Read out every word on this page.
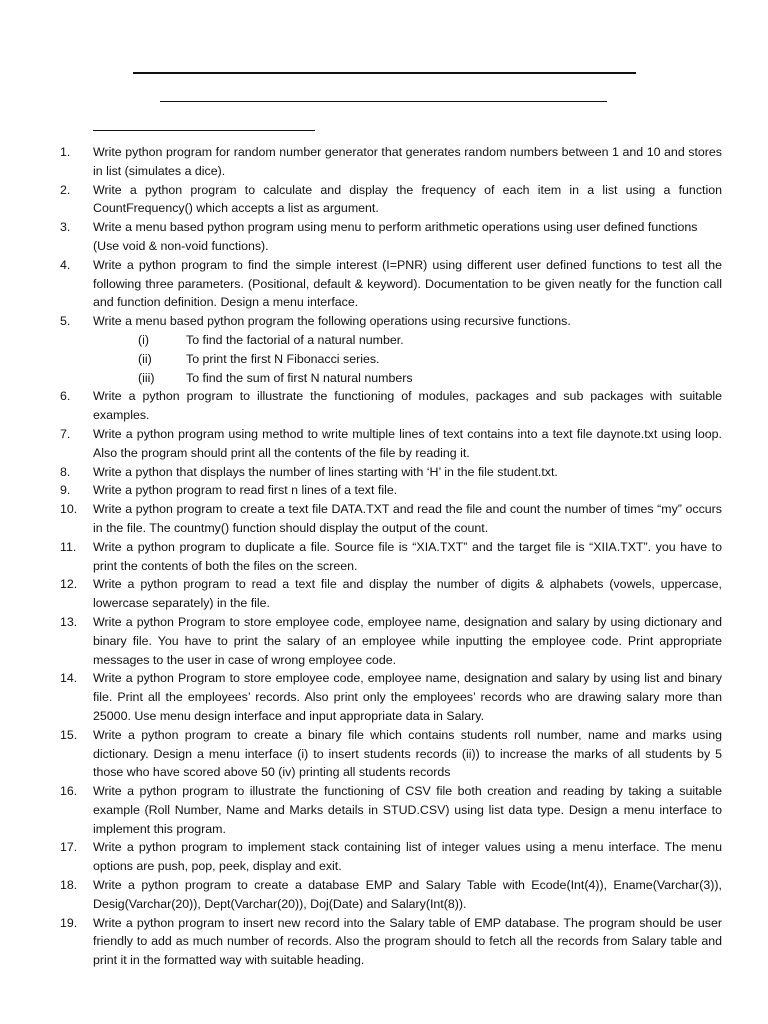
1.	Write python program for random number generator that generates random numbers between 1 and 10 and stores in list (simulates a dice).
2.	Write a python program to calculate and display the frequency of each item in a list using a function CountFrequency() which accepts a list as argument.
3.	Write a menu based python program using menu to perform arithmetic operations using user defined functions
(Use void & non-void functions).
4.	Write a python program to find the simple interest (I=PNR) using different user defined functions to test all the following three parameters. (Positional, default & keyword). Documentation to be given neatly for the function call and function definition. Design a menu interface.
5.	Write a menu based python program the following operations using recursive functions.
(i)	To find the factorial of a natural number.
(ii)	To print the first N Fibonacci series.
(iii)	To find the sum of first N natural numbers
6.	Write a python program to illustrate the functioning of modules, packages and sub packages with suitable examples.
7.	Write a python program using method to write multiple lines of text contains into a text file daynote.txt using loop. Also the program should print all the contents of the file by reading it.
8.	Write a python that displays the number of lines starting with ‘H’ in the file student.txt.
9.	Write a python program to read first n lines of a text file.
10.	Write a python program to create a text file DATA.TXT and read the file and count the number of times “my” occurs in the file. The countmy() function should display the output of the count.
11.	Write a python program to duplicate a file. Source file is “XIA.TXT” and the target file is “XIIA.TXT”. you have to print the contents of both the files on the screen.
12.	Write a python program to read a text file and display the number of digits & alphabets (vowels, uppercase, lowercase separately) in the file.
13.	Write a python Program to store employee code, employee name, designation and salary by using dictionary and binary file. You have to print the salary of an employee while inputting the employee code. Print appropriate messages to the user in case of wrong employee code.
14.	Write a python Program to store employee code, employee name, designation and salary by using list and binary file. Print all the employees’ records. Also print only the employees’ records who are drawing salary more than 25000. Use menu design interface and input appropriate data in Salary.
15.	Write a python program to create a binary file which contains students roll number, name and marks using dictionary. Design a menu interface (i) to insert students records (ii)) to increase the marks of all students by 5 those who have scored above 50 (iv) printing all students records
16.	Write a python program to illustrate the functioning of CSV file both creation and reading by taking a suitable example (Roll Number, Name and Marks details in STUD.CSV) using list data type. Design a menu interface to implement this program.
17.	Write a python program to implement stack containing list of integer values using a menu interface. The menu options are push, pop, peek, display and exit.
18.	Write a python program to create a database EMP and Salary Table with Ecode(Int(4)), Ename(Varchar(3)), Desig(Varchar(20)), Dept(Varchar(20)), Doj(Date) and Salary(Int(8)).
19.	Write a python program to insert new record into the Salary table of EMP database. The program should be user friendly to add as much number of records. Also the program should to fetch all the records from Salary table and print it in the formatted way with suitable heading.
